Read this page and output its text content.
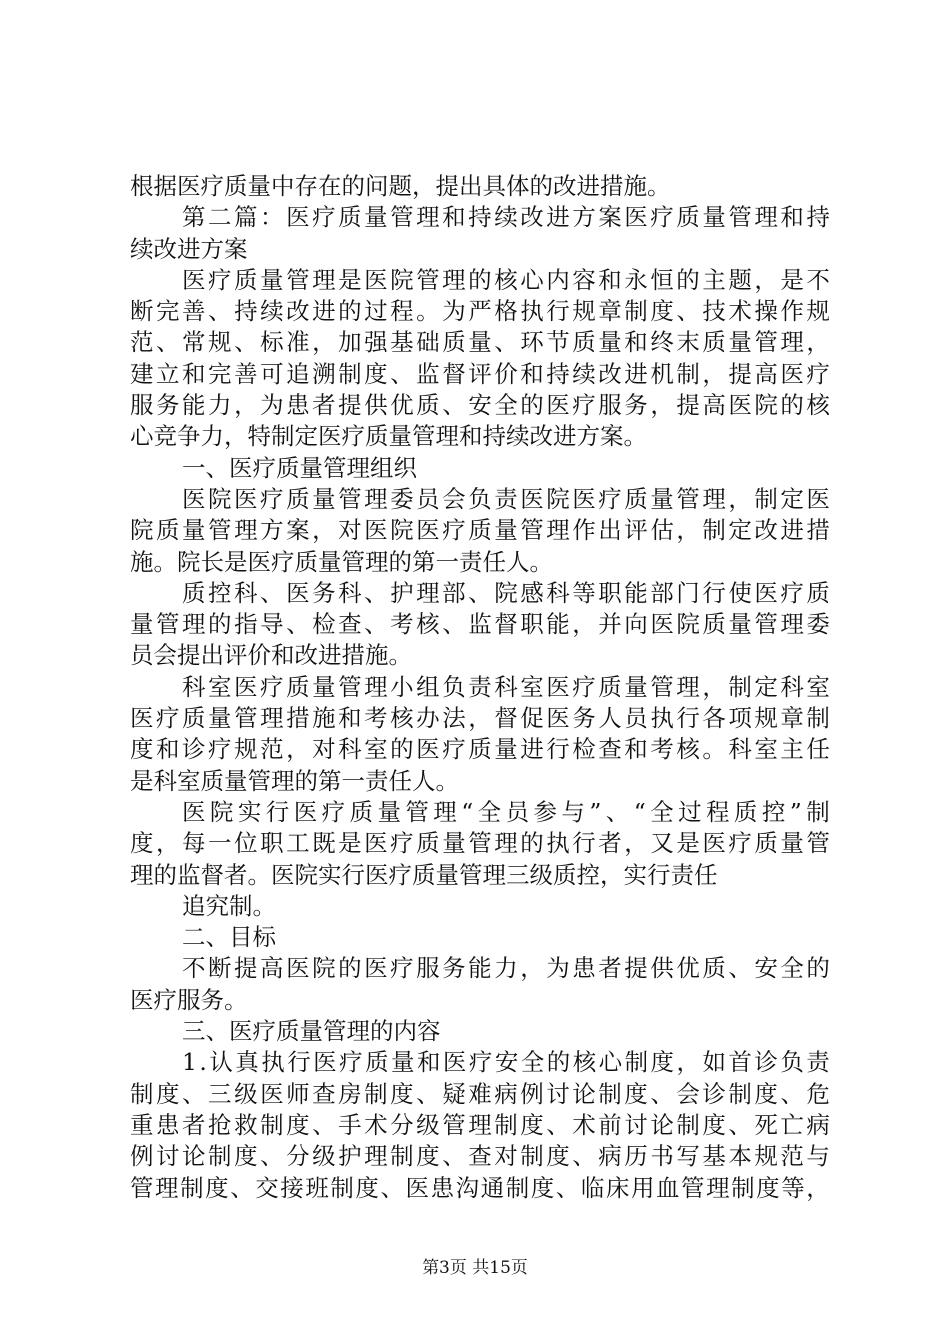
根据医疗质量中存在的问题，提出具体的改进措施。
第 二 篇 ： 医 疗 质 量 管 理 和 持 续 改 进 方 案 医 疗 质 量 管 理 和 持
续改进方案
医 疗 质 量 管 理 是 医 院 管 理 的 核 心 内 容 和 永 恒 的 主 题 ， 是 不
断 完 善 、 持 续 改 进 的 过 程 。 为 严 格 执 行 规 章 制 度 、 技 术 操 作 规
范 、 常 规 、 标 准 ， 加 强 基 础 质 量 、 环 节 质 量 和 终 末 质 量 管 理 ，
建 立 和 完 善 可 追 溯 制 度 、 监 督 评 价 和 持 续 改 进 机 制 ， 提 高 医 疗
服 务 能 力 ， 为 患 者 提 供 优 质 、 安 全 的 医 疗 服 务 ， 提 高 医 院 的 核
心竞争力，特制定医疗质量管理和持续改进方案。
一、医疗质量管理组织
医 院 医 疗 质 量 管 理 委 员 会 负 责 医 院 医 疗 质 量 管 理 ， 制 定 医
院 质 量 管 理 方 案 ， 对 医 院 医 疗 质 量 管 理 作 出 评 估 ， 制 定 改 进 措
施。院长是医疗质量管理的第一责任人。
质 控 科 、 医 务 科 、 护 理 部 、 院 感 科 等 职 能 部 门 行 使 医 疗 质
量 管 理 的 指 导 、 检 查 、 考 核 、 监 督 职 能 ， 并 向 医 院 质 量 管 理 委
员会提出评价和改进措施。
科 室 医 疗 质 量 管 理 小 组 负 责 科 室 医 疗 质 量 管 理 ， 制 定 科 室
医 疗 质 量 管 理 措 施 和 考 核 办 法 ， 督 促 医 务 人 员 执 行 各 项 规 章 制
度 和 诊 疗 规 范 ， 对 科 室 的 医 疗 质 量 进 行 检 查 和 考 核 。 科 室 主 任
是科室质量管理的第一责任人。
医 院 实 行 医 疗 质 量 管 理 “ 全 员 参 与 ” 、 “ 全 过 程 质 控 ” 制
度 ， 每 一 位 职 工 既 是 医 疗 质 量 管 理 的 执 行 者 ， 又 是 医 疗 质 量 管
理的监督者。医院实行医疗质量管理三级质控，实行责任
追究制。
二、目标
不 断 提 高 医 院 的 医 疗 服 务 能 力 ， 为 患 者 提 供 优 质 、 安 全 的
医疗服务。
三、医疗质量管理的内容
1 . 认 真 执 行 医 疗 质 量 和 医 疗 安 全 的 核 心 制 度 ， 如 首 诊 负 责
制 度 、 三 级 医 师 查 房 制 度 、 疑 难 病 例 讨 论 制 度 、 会 诊 制 度 、 危
重 患 者 抢 救 制 度 、 手 术 分 级 管 理 制 度 、 术 前 讨 论 制 度 、 死 亡 病
例 讨 论 制 度 、 分 级 护 理 制 度 、 查 对 制 度 、 病 历 书 写 基 本 规 范 与
管 理 制 度 、 交 接 班 制 度 、 医 患 沟 通 制 度 、 临 床 用 血 管 理 制 度 等 ，
第3页 共15页
